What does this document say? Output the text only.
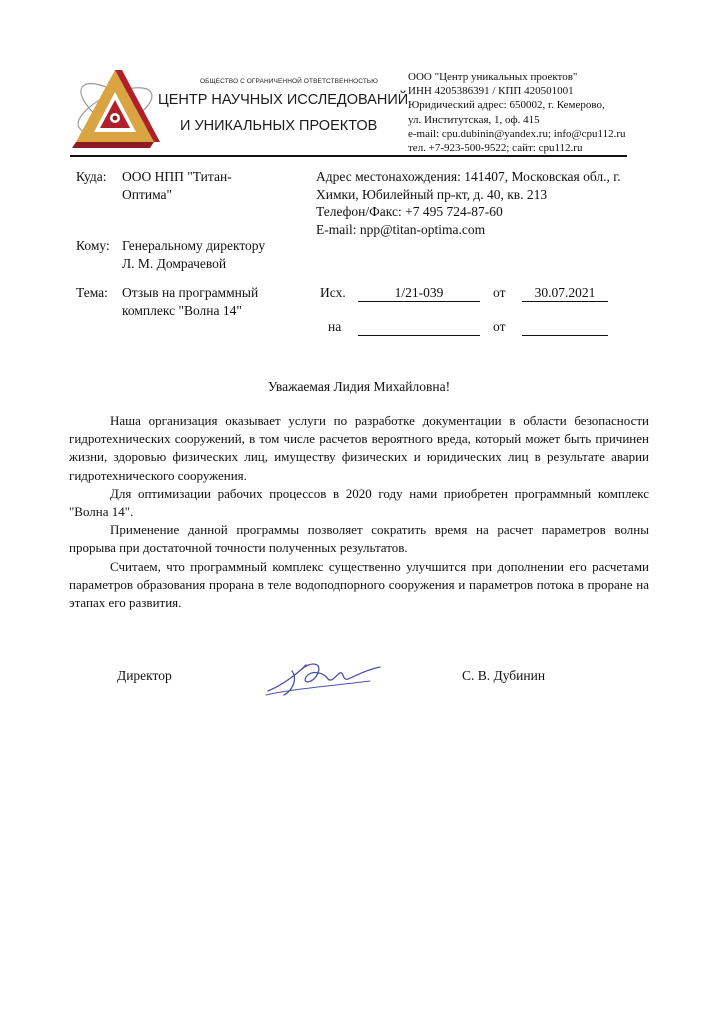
ОБЩЕСТВО С ОГРАНИЧЕННОЙ ОТВЕТСТВЕННОСТЬЮ
ЦЕНТР НАУЧНЫХ ИССЛЕДОВАНИЙ
И УНИКАЛЬНЫХ ПРОЕКТОВ
ООО "Центр уникальных проектов"
ИНН 4205386391 / КПП 420501001
Юридический адрес: 650002, г. Кемерово,
ул. Институтская, 1, оф. 415
e-mail: cpu.dubinin@yandex.ru; info@cpu112.ru
тел. +7-923-500-9522; сайт: cpu112.ru
Куда: ООО НПП "Титан-
Оптима"
Адрес местонахождения: 141407, Московская обл., г.
Химки, Юбилейный пр-кт, д. 40, кв. 213
Телефон/Факс: +7 495 724-87-60
E-mail: npp@titan-optima.com
Кому: Генеральному директору
Л. М. Домрачевой
Тема: Отзыв на программный
комплекс "Волна 14"
Исх.	1/21-039	от	30.07.2021
на	от
Уважаемая Лидия Михайловна!

Наша организация оказывает услуги по разработке документации в области безопасности гидротехнических сооружений, в том числе расчетов вероятного вреда, который может быть причинен жизни, здоровью физических лиц, имуществу физических и юридических лиц в результате аварии гидротехнического сооружения.

Для оптимизации рабочих процессов в 2020 году нами приобретен программный комплекс "Волна 14".

Применение данной программы позволяет сократить время на расчет параметров волны прорыва при достаточной точности полученных результатов.

Считаем, что программный комплекс существенно улучшится при дополнении его расчетами параметров образования прорана в теле водоподпорного сооружения и параметров потока в проране на этапах его развития.

Директор	С. В. Дубинин
